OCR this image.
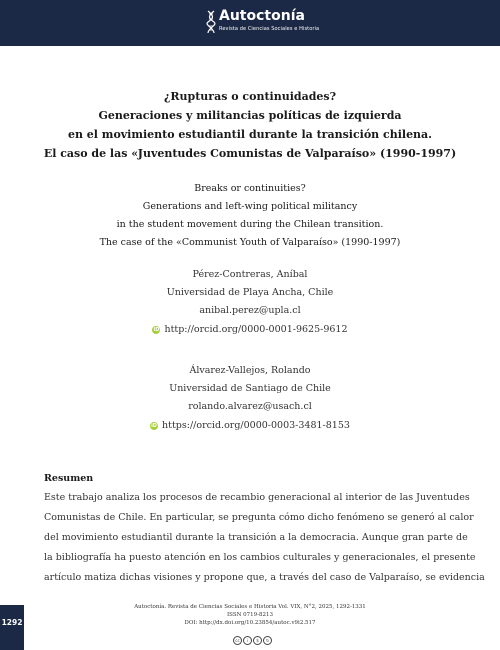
Autoctonía
Revista de Ciencias Sociales e Historia
¿Rupturas o continuidades?
Generaciones y militancias políticas de izquierda
en el movimiento estudiantil durante la transición chilena.
El caso de las «Juventudes Comunistas de Valparaíso» (1990-1997)
Breaks or continuities?
Generations and left-wing political militancy
in the student movement during the Chilean transition.
The case of the «Communist Youth of Valparaíso» (1990-1997)
Pérez-Contreras, Aníbal
Universidad de Playa Ancha, Chile
anibal.perez@upla.cl
iD http://orcid.org/0000-0001-9625-9612
Álvarez-Vallejos, Rolando
Universidad de Santiago de Chile
rolando.alvarez@usach.cl
iD https://orcid.org/0000-0003-3481-8153
Resumen
Este trabajo analiza los procesos de recambio generacional al interior de las Juventudes
Comunistas de Chile. En particular, se pregunta cómo dicho fenómeno se generó al calor
del movimiento estudiantil durante la transición a la democracia. Aunque gran parte de
la bibliografía ha puesto atención en los cambios culturales y generacionales, el presente
artículo matiza dichas visiones y propone que, a través del caso de Valparaíso, se evidencia
Autoctonía. Revista de Ciencias Sociales e Historia Vol. VIX, N°2, 2025, 1292-1331
ISSN 0719-8213
DOI: http://dx.doi.org/10.23854/autoc.v9i2.517
cc	i	$	↻
1292
